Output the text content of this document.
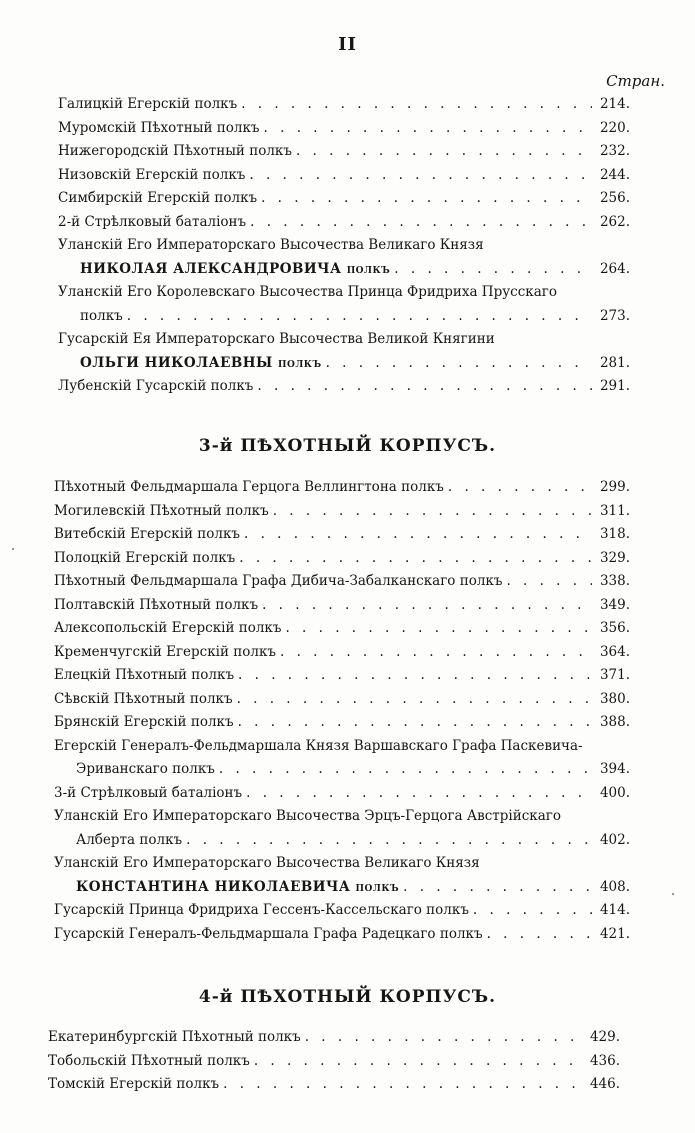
II
Стран.
Галицкій Егерскій полкъ . . .	214.
Муромскій Пѣхотный полкъ . . .	220.
Нижегородскій Пѣхотный полкъ . . .	232.
Низовскій Егерскій полкъ . . .	244.
Симбирскій Егерскій полкъ . . .	256.
2-й Стрѣлковый баталіонъ . . .	262.
Уланскій Его Императорскаго Высочества Великаго Князя
НИКОЛАЯ АЛЕКСАНДРОВИЧА полкъ . . .	264.
Уланскій Его Королевскаго Высочества Принца Фридриха Прусскаго
полкъ . . .	273.
Гусарскій Ея Императорскаго Высочества Великой Княгини
ОЛЬГИ НИКОЛАЕВНЫ полкъ . . .	281.
Лубенскій Гусарскій полкъ . . .	291.
3-й ПѢХОТНЫЙ КОРПУСЪ.
Пѣхотный Фельдмаршала Герцога Веллингтона полкъ . . .	299.
Могилевскій Пѣхотный полкъ . . .	311.
Витебскій Егерскій полкъ . . .	318.
Полоцкій Егерскій полкъ . . .	329.
Пѣхотный Фельдмаршала Графа Дибича-Забалканскаго полкъ . . .	338.
Полтавскій Пѣхотный полкъ . . .	349.
Алексопольскій Егерскій полкъ . . .	356.
Кременчугскій Егерскій полкъ . . .	364.
Елецкій Пѣхотный полкъ . . .	371.
Сѣвскій Пѣхотный полкъ . . .	380.
Брянскій Егерскій полкъ . . .	388.
Егерскій Генералъ-Фельдмаршала Князя Варшавскаго Графа Паскевича-
Эриванскаго полкъ . . .	394.
3-й Стрѣлковый баталіонъ . . .	400.
Уланскій Его Императорскаго Высочества Эрцъ-Герцога Австрійскаго
Алберта полкъ . . .	402.
Уланскій Его Императорскаго Высочества Великаго Князя
КОНСТАНТИНА НИКОЛАЕВИЧА полкъ . . .	408.
Гусарскій Принца Фридриха Гессенъ-Кассельскаго полкъ . . .	414.
Гусарскій Генералъ-Фельдмаршала Графа Радецкаго полкъ . . .	421.
4-й ПѢХОТНЫЙ КОРПУСЪ.
Екатеринбургскій Пѣхотный полкъ . . .	429.
Тобольскій Пѣхотный полкъ . . .	436.
Томскій Егерскій полкъ . . .	446.
